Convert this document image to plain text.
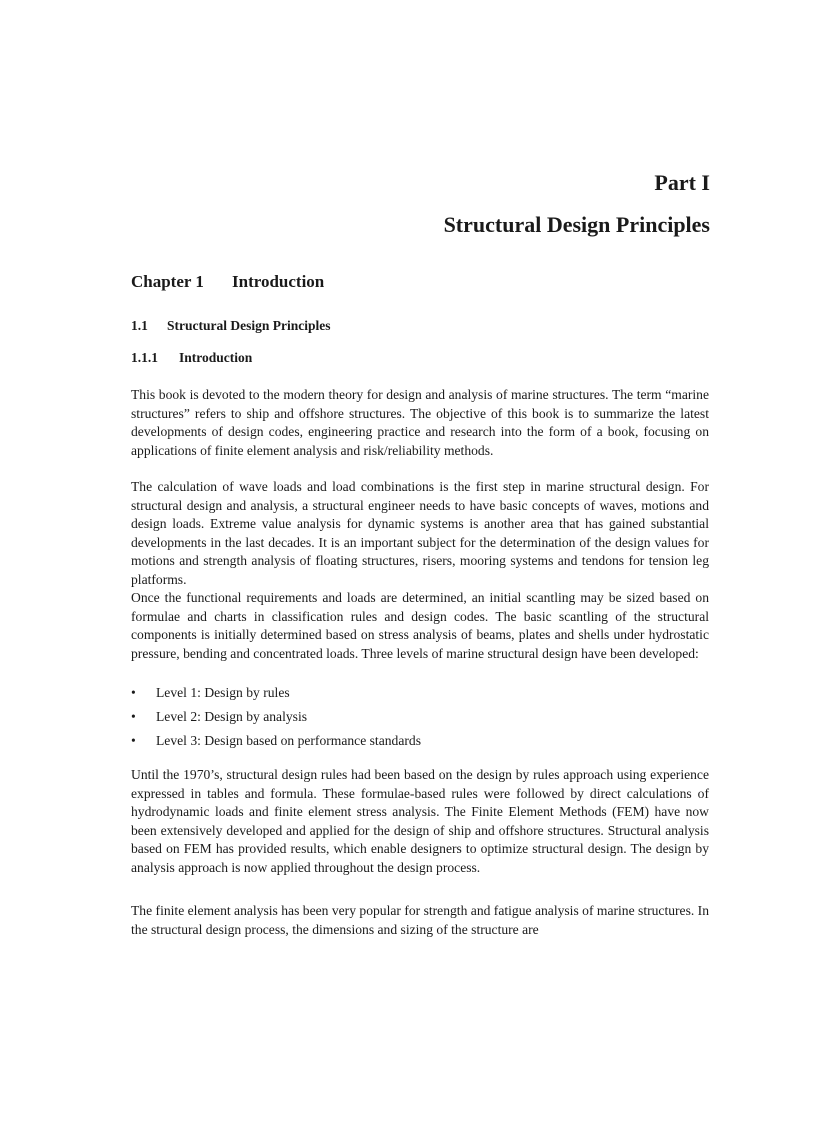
Part I
Structural Design Principles
Chapter 1 Introduction
1.1 Structural Design Principles
1.1.1 Introduction

This book is devoted to the modern theory for design and analysis of marine structures. The term “marine structures” refers to ship and offshore structures. The objective of this book is to summarize the latest developments of design codes, engineering practice and research into the form of a book, focusing on applications of finite element analysis and risk/reliability methods.

The calculation of wave loads and load combinations is the first step in marine structural design. For structural design and analysis, a structural engineer needs to have basic concepts of waves, motions and design loads. Extreme value analysis for dynamic systems is another area that has gained substantial developments in the last decades. It is an important subject for the determination of the design values for motions and strength analysis of floating structures, risers, mooring systems and tendons for tension leg platforms.

Once the functional requirements and loads are determined, an initial scantling may be sized based on formulae and charts in classification rules and design codes. The basic scantling of the structural components is initially determined based on stress analysis of beams, plates and shells under hydrostatic pressure, bending and concentrated loads. Three levels of marine structural design have been developed:

• Level 1: Design by rules
• Level 2: Design by analysis
• Level 3: Design based on performance standards

Until the 1970’s, structural design rules had been based on the design by rules approach using experience expressed in tables and formula. These formulae-based rules were followed by direct calculations of hydrodynamic loads and finite element stress analysis. The Finite Element Methods (FEM) have now been extensively developed and applied for the design of ship and offshore structures. Structural analysis based on FEM has provided results, which enable designers to optimize structural design. The design by analysis approach is now applied throughout the design process.

The finite element analysis has been very popular for strength and fatigue analysis of marine structures. In the structural design process, the dimensions and sizing of the structure are
